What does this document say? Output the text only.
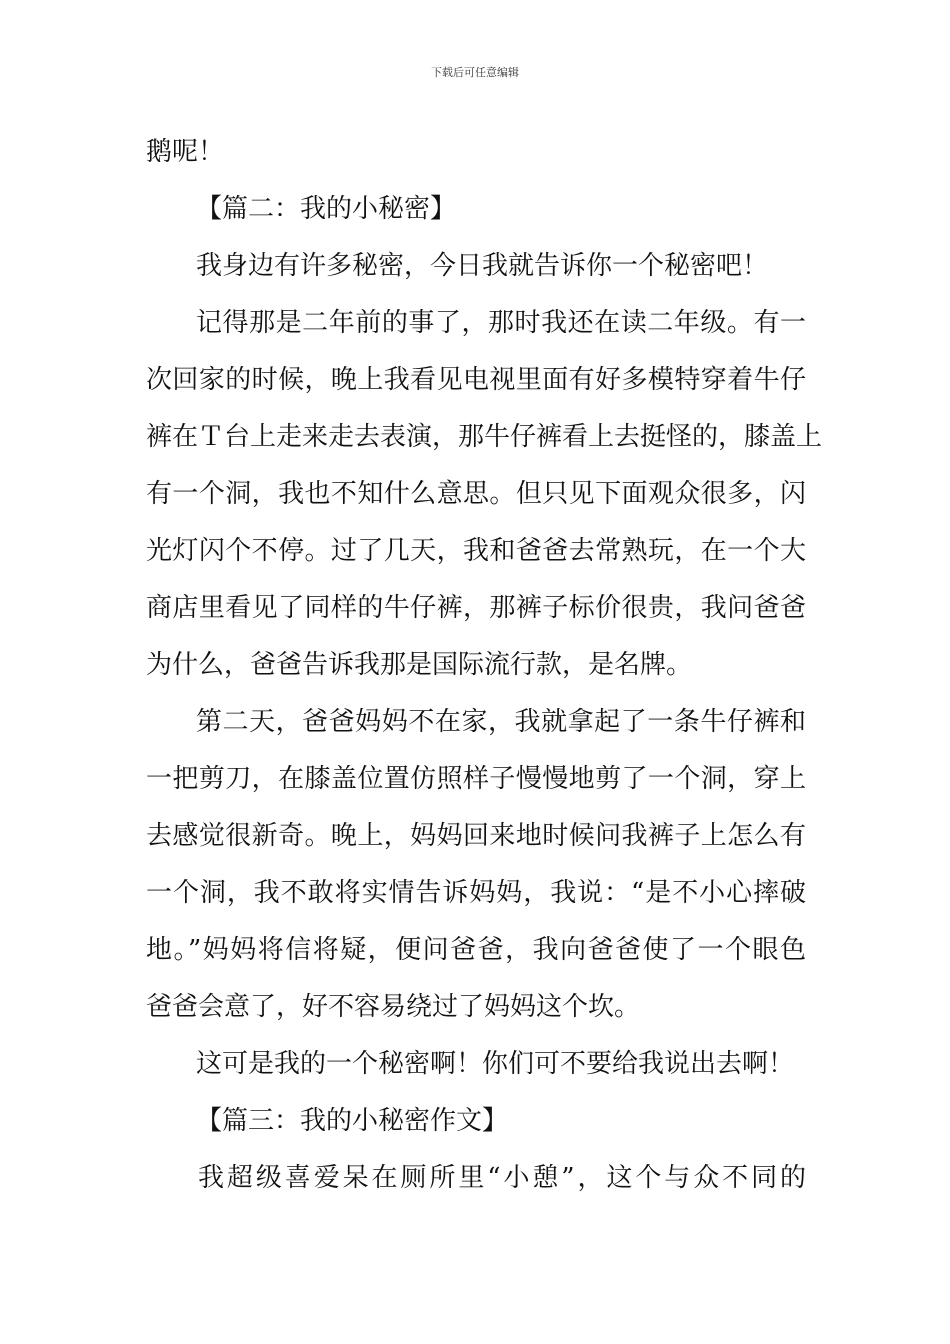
下载后可任意编辑
鹅呢！
【篇二：我的小秘密】
我身边有许多秘密，今日我就告诉你一个秘密吧！
记得那是二年前的事了，那时我还在读二年级。有一
次回家的时候，晚上我看见电视里面有好多模特穿着牛仔
裤在Ｔ台上走来走去表演，那牛仔裤看上去挺怪的，膝盖上
有一个洞，我也不知什么意思。但只见下面观众很多，闪
光灯闪个不停。过了几天，我和爸爸去常熟玩，在一个大
商店里看见了同样的牛仔裤，那裤子标价很贵，我问爸爸
为什么，爸爸告诉我那是国际流行款，是名牌。
第二天，爸爸妈妈不在家，我就拿起了一条牛仔裤和
一把剪刀，在膝盖位置仿照样子慢慢地剪了一个洞，穿上
去感觉很新奇。晚上，妈妈回来地时候问我裤子上怎么有
一个洞，我不敢将实情告诉妈妈，我说：“是不小心摔破
地。”妈妈将信将疑，便问爸爸，我向爸爸使了一个眼色
爸爸会意了，好不容易绕过了妈妈这个坎。
这可是我的一个秘密啊！你们可不要给我说出去啊！
【篇三：我的小秘密作文】
我超级喜爱呆在厕所里“小憩”，这个与众不同的
